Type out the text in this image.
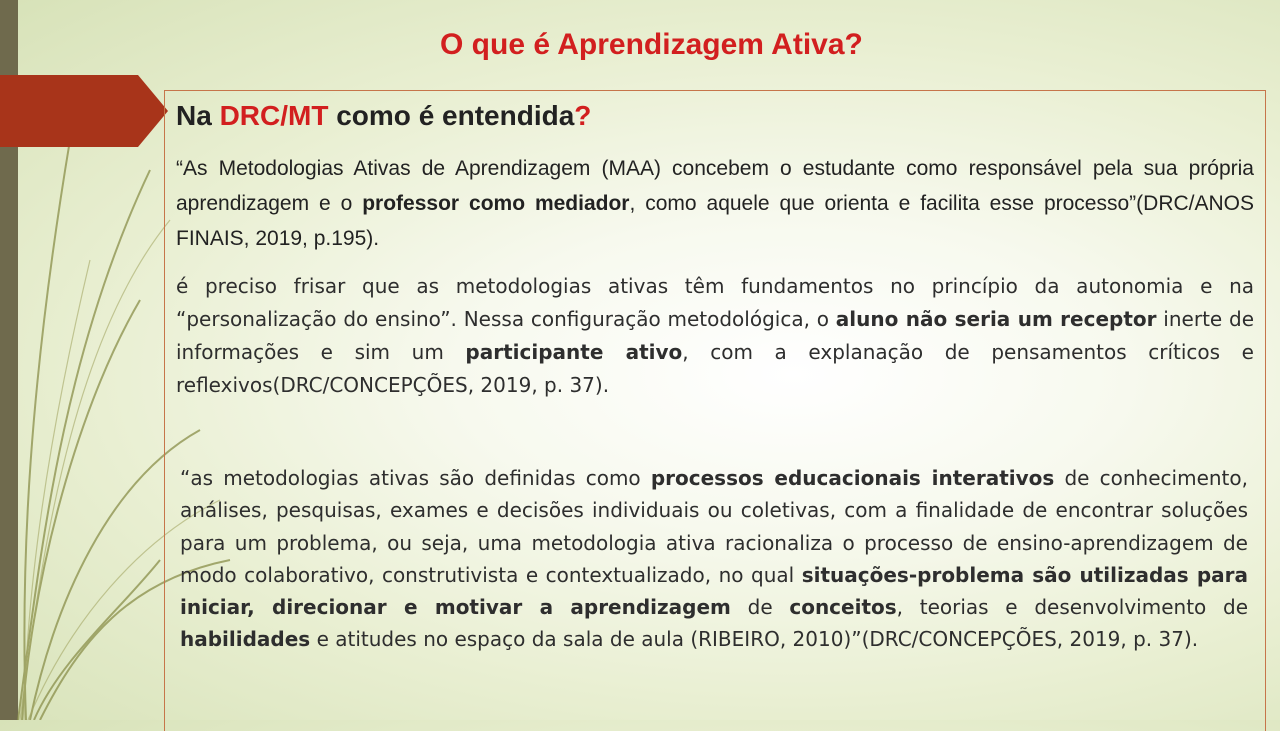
O que é Aprendizagem Ativa?
Na DRC/MT como é entendida?

“As Metodologias Ativas de Aprendizagem (MAA) concebem o estudante como responsável pela sua própria aprendizagem e o professor como mediador, como aquele que orienta e facilita esse processo”(DRC/ANOS FINAIS, 2019, p.195).

é preciso frisar que as metodologias ativas têm fundamentos no princípio da autonomia e na “personalização do ensino”. Nessa configuração metodológica, o aluno não seria um receptor inerte de informações e sim um participante ativo, com a explanação de pensamentos críticos e reflexivos(DRC/CONCEPÇÕES, 2019, p. 37).

“as metodologias ativas são definidas como processos educacionais interativos de conhecimento, análises, pesquisas, exames e decisões individuais ou coletivas, com a finalidade de encontrar soluções para um problema, ou seja, uma metodologia ativa racionaliza o processo de ensino-aprendizagem de modo colaborativo, construtivista e contextualizado, no qual situações-problema são utilizadas para iniciar, direcionar e motivar a aprendizagem de conceitos, teorias e desenvolvimento de habilidades e atitudes no espaço da sala de aula (RIBEIRO, 2010)”(DRC/CONCEPÇÕES, 2019, p. 37).
